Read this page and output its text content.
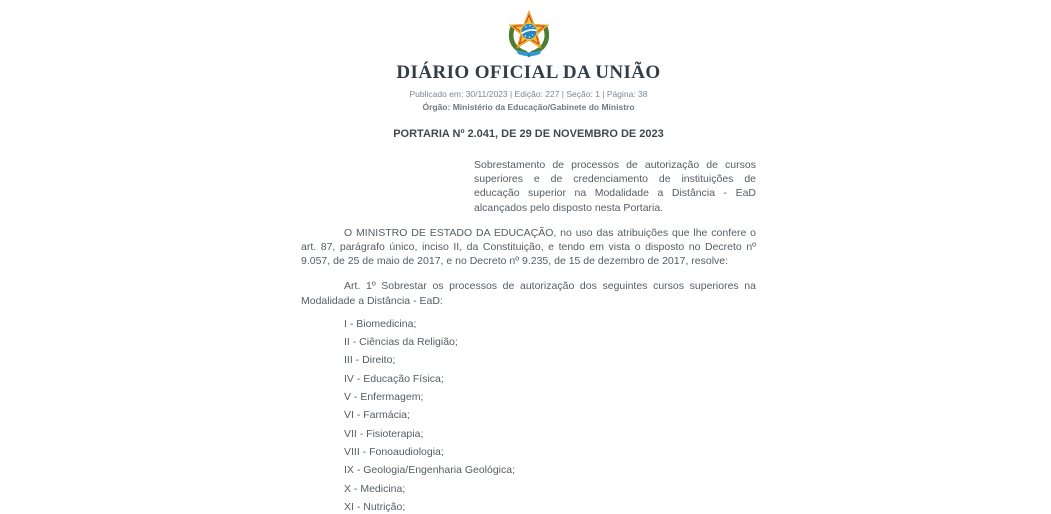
DIÁRIO OFICIAL DA UNIÃO

Publicado em: 30/11/2023 | Edição: 227 | Seção: 1 | Página: 38

Órgão: Ministério da Educação/Gabinete do Ministro

PORTARIA Nº 2.041, DE 29 DE NOVEMBRO DE 2023

Sobrestamento de processos de autorização de cursos superiores e de credenciamento de instituições de educação superior na Modalidade a Distância - EaD alcançados pelo disposto nesta Portaria.

O MINISTRO DE ESTADO DA EDUCAÇÃO, no uso das atribuições que lhe confere o art. 87, parágrafo único, inciso II, da Constituição, e tendo em vista o disposto no Decreto nº 9.057, de 25 de maio de 2017, e no Decreto nº 9.235, de 15 de dezembro de 2017, resolve:

Art. 1º Sobrestar os processos de autorização dos seguintes cursos superiores na Modalidade a Distância - EaD:

I - Biomedicina;

II - Ciências da Religião;

III - Direito;

IV - Educação Física;

V - Enfermagem;

VI - Farmácia;

VII - Fisioterapia;

VIII - Fonoaudiologia;

IX - Geologia/Engenharia Geológica;

X - Medicina;

XI - Nutrição;
